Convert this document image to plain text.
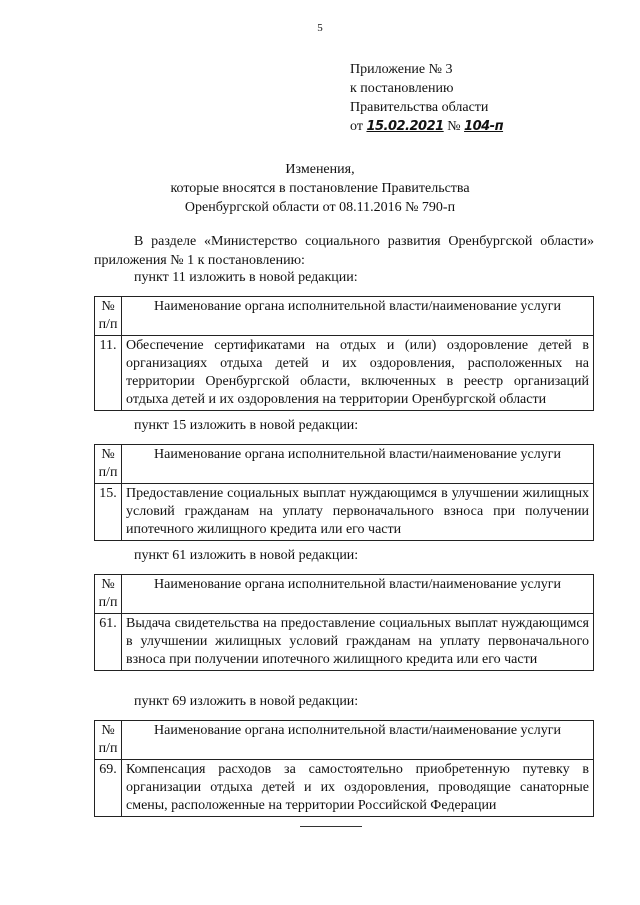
5
Приложение № 3
к постановлению
Правительства области
от 15.02.2021 № 104-п
Изменения,
которые вносятся в постановление Правительства
Оренбургской области от 08.11.2016 № 790-п
В разделе «Министерство социального развития Оренбургской области» приложения № 1 к постановлению:
пункт 11 изложить в новой редакции:
№ п/п	Наименование органа исполнительной власти/наименование услуги
11.	Обеспечение сертификатами на отдых и (или) оздоровление детей в организациях отдыха детей и их оздоровления, расположенных на территории Оренбургской области, включенных в реестр организаций отдыха детей и их оздоровления на территории Оренбургской области
пункт 15 изложить в новой редакции:
№ п/п	Наименование органа исполнительной власти/наименование услуги
15.	Предоставление социальных выплат нуждающимся в улучшении жилищных условий гражданам на уплату первоначального взноса при получении ипотечного жилищного кредита или его части
пункт 61 изложить в новой редакции:
№ п/п	Наименование органа исполнительной власти/наименование услуги
61.	Выдача свидетельства на предоставление социальных выплат нуждающимся в улучшении жилищных условий гражданам на уплату первоначального взноса при получении ипотечного жилищного кредита или его части
пункт 69 изложить в новой редакции:
№ п/п	Наименование органа исполнительной власти/наименование услуги
69.	Компенсация расходов за самостоятельно приобретенную путевку в организации отдыха детей и их оздоровления, проводящие санаторные смены, расположенные на территории Российской Федерации
